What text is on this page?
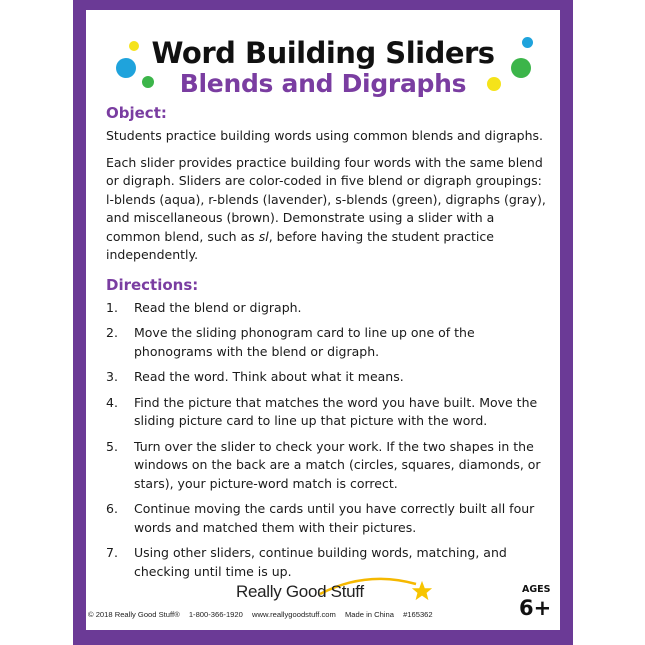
Word Building Sliders
Blends and Digraphs
Object:

Students practice building words using common blends and digraphs.

Each slider provides practice building four words with the same blend or digraph. Sliders are color-coded in five blend or digraph groupings: l-blends (aqua), r-blends (lavender), s-blends (green), digraphs (gray), and miscellaneous (brown). Demonstrate using a slider with a common blend, such as sl, before having the student practice independently.

Directions:
1.	Read the blend or digraph.
2.	Move the sliding phonogram card to line up one of the phonograms with the blend or digraph.
3.	Read the word. Think about what it means.
4.	Find the picture that matches the word you have built. Move the sliding picture card to line up that picture with the word.
5.	Turn over the slider to check your work. If the two shapes in the windows on the back are a match (circles, squares, diamonds, or stars), your picture-word match is correct.
6.	Continue moving the cards until you have correctly built all four words and matched them with their pictures.
7.	Using other sliders, continue building words, matching, and checking until time is up.
Really Good Stuff	AGES
6+
© 2018 Really Good Stuff® 1-800-366-1920 www.reallygoodstuff.com Made in China #165362
